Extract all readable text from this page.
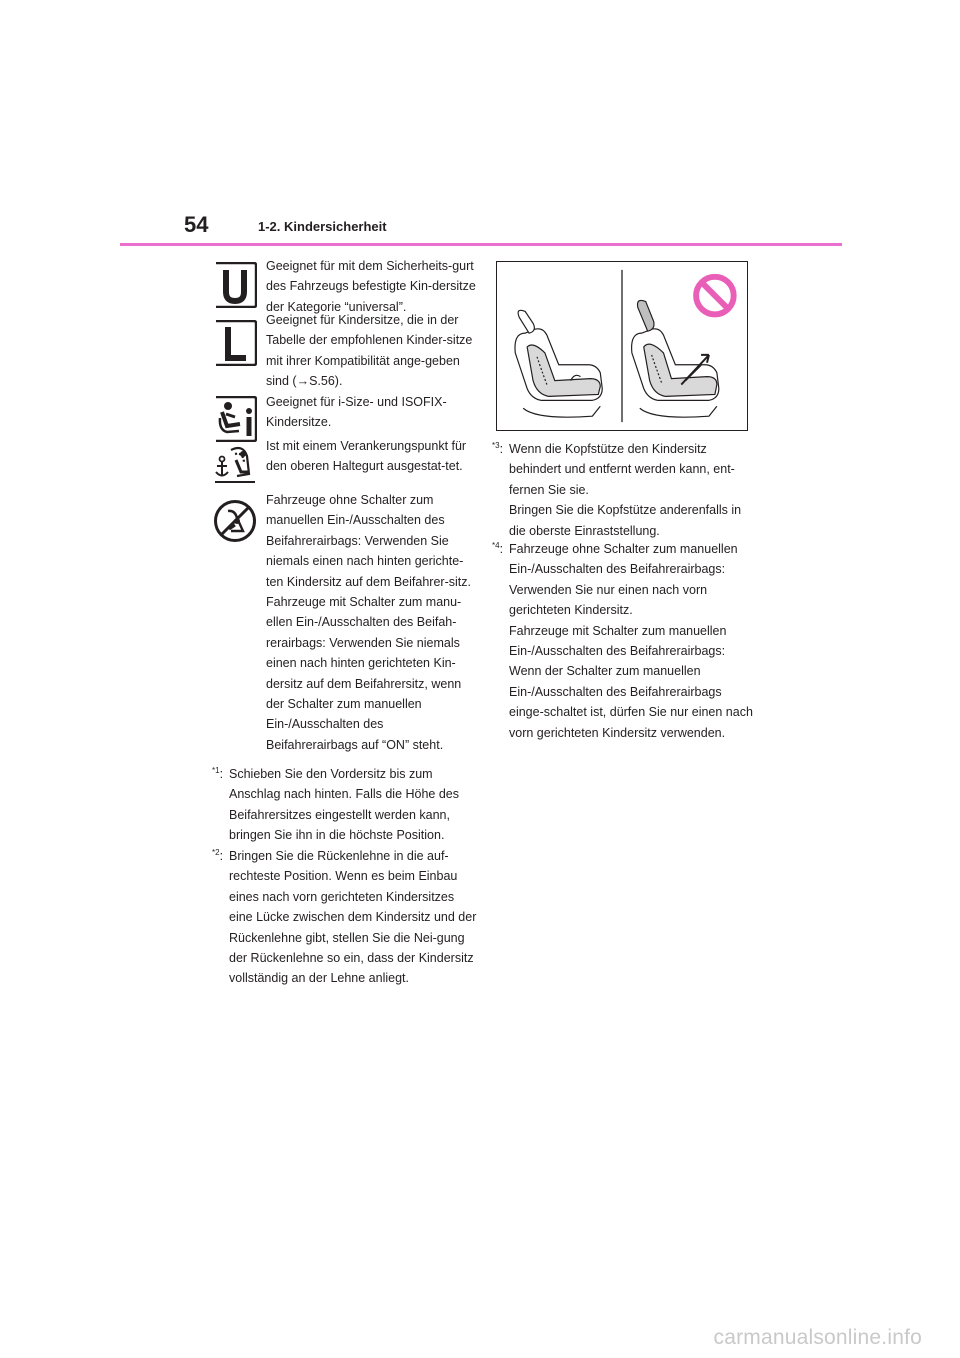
54	1-2. Kindersicherheit
Geeignet für mit dem Sicherheits-gurt des Fahrzeugs befestigte Kin-dersitze der Kategorie “universal”.
Geeignet für Kindersitze, die in der Tabelle der empfohlenen Kinder-sitze mit ihrer Kompatibilität ange-geben sind (→S.56).
Geeignet für i-Size- und ISOFIX-Kindersitze.
Ist mit einem Verankerungspunkt für den oberen Haltegurt ausgestat-tet.
Fahrzeuge ohne Schalter zum manuellen Ein-/Ausschalten des Beifahrerairbags: Verwenden Sie niemals einen nach hinten gerichte-ten Kindersitz auf dem Beifahrer-sitz.
Fahrzeuge mit Schalter zum manu-ellen Ein-/Ausschalten des Beifah-rerairbags: Verwenden Sie niemals einen nach hinten gerichteten Kin-dersitz auf dem Beifahrersitz, wenn der Schalter zum manuellen Ein-/Ausschalten des Beifahrerairbags auf “ON” steht.
$^{*1}$: Schieben Sie den Vordersitz bis zum Anschlag nach hinten. Falls die Höhe des Beifahrersitzes eingestellt werden kann, bringen Sie ihn in die höchste Position.
$^{*2}$: Bringen Sie die Rückenlehne in die auf-rechteste Position. Wenn es beim Einbau eines nach vorn gerichteten Kindersitzes eine Lücke zwischen dem Kindersitz und der Rückenlehne gibt, stellen Sie die Nei-gung der Rückenlehne so ein, dass der Kindersitz vollständig an der Lehne anliegt.
$^{*3}$: Wenn die Kopfstütze den Kindersitz behindert und entfernt werden kann, ent-fernen Sie sie.
Bringen Sie die Kopfstütze anderenfalls in die oberste Einraststellung.
$^{*4}$: Fahrzeuge ohne Schalter zum manuellen Ein-/Ausschalten des Beifahrerairbags: Verwenden Sie nur einen nach vorn gerichteten Kindersitz.
Fahrzeuge mit Schalter zum manuellen Ein-/Ausschalten des Beifahrerairbags: Wenn der Schalter zum manuellen Ein-/Ausschalten des Beifahrerairbags einge-schaltet ist, dürfen Sie nur einen nach vorn gerichteten Kindersitz verwenden.
carmanualsonline.info
